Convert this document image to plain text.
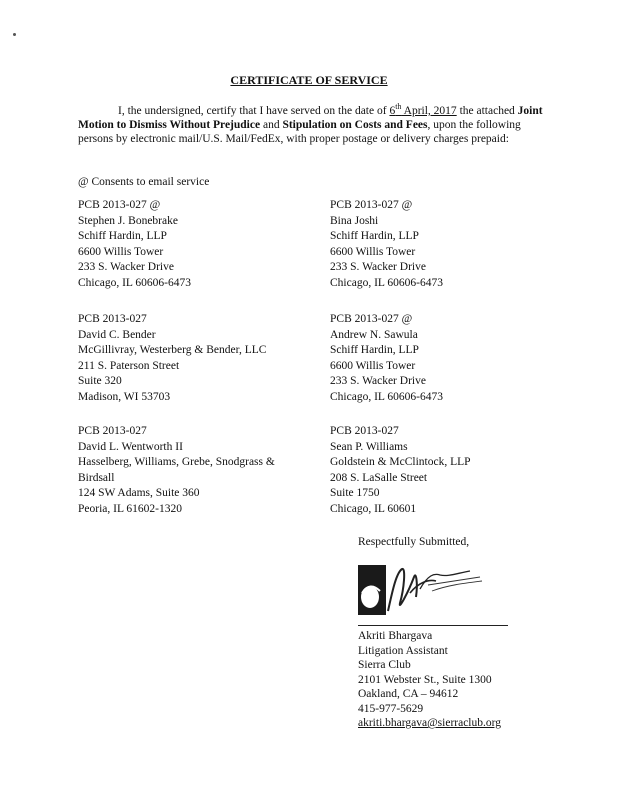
CERTIFICATE OF SERVICE
I, the undersigned, certify that I have served on the date of 6th April, 2017 the attached Joint Motion to Dismiss Without Prejudice and Stipulation on Costs and Fees, upon the following persons by electronic mail/U.S. Mail/FedEx, with proper postage or delivery charges prepaid:
@ Consents to email service
PCB 2013-027 @
Stephen J. Bonebrake
Schiff Hardin, LLP
6600 Willis Tower
233 S. Wacker Drive
Chicago, IL 60606-6473
PCB 2013-027 @
Bina Joshi
Schiff Hardin, LLP
6600 Willis Tower
233 S. Wacker Drive
Chicago, IL 60606-6473
PCB 2013-027
David C. Bender
McGillivray, Westerberg & Bender, LLC
211 S. Paterson Street
Suite 320
Madison, WI 53703
PCB 2013-027 @
Andrew N. Sawula
Schiff Hardin, LLP
6600 Willis Tower
233 S. Wacker Drive
Chicago, IL 60606-6473
PCB 2013-027
David L. Wentworth II
Hasselberg, Williams, Grebe, Snodgrass &
Birdsall
124 SW Adams, Suite 360
Peoria, IL 61602-1320
PCB 2013-027
Sean P. Williams
Goldstein & McClintock, LLP
208 S. LaSalle Street
Suite 1750
Chicago, IL 60601
Respectfully Submitted,
Akriti Bhargava
Litigation Assistant
Sierra Club
2101 Webster St., Suite 1300
Oakland, CA – 94612
415-977-5629
akriti.bhargava@sierraclub.org
